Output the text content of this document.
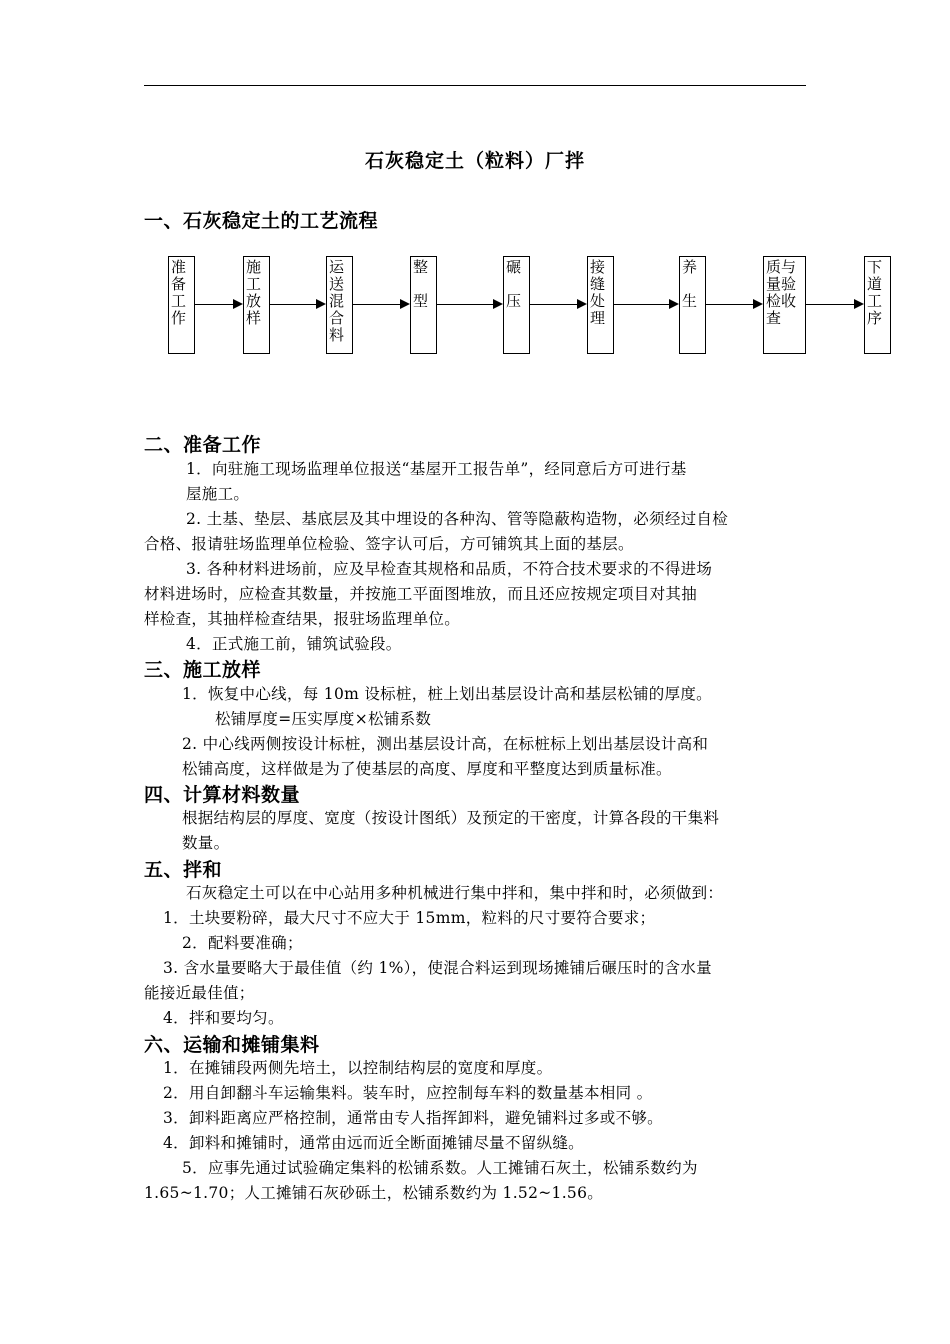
石灰稳定土（粒料）厂拌
一、石灰稳定土的工艺流程
准备工作
施工放样
运送混合料
整

型
碾

压
接缝处理
养

生
质与量验检收查
下道工序
二、准备工作
1．向驻施工现场监理单位报送“基屋开工报告单”，经同意后方可进行基
屋施工。
2. 土基、垫层、基底层及其中埋设的各种沟、管等隐蔽构造物，必须经过自检
合格、报请驻场监理单位检验、签字认可后，方可铺筑其上面的基层。
3. 各种材料进场前，应及早检查其规格和品质，不符合技术要求的不得进场
材料进场时，应检查其数量，并按施工平面图堆放，而且还应按规定项目对其抽
样检查，其抽样检查结果，报驻场监理单位。
4．正式施工前，铺筑试验段。
三、施工放样
1．恢复中心线，每 10m 设标桩，桩上划出基层设计高和基层松铺的厚度。
松铺厚度=压实厚度×松铺系数
2. 中心线两侧按设计标桩，测出基层设计高，在标桩标上划出基层设计高和
松铺高度，这样做是为了使基层的高度、厚度和平整度达到质量标准。
四、计算材料数量
根据结构层的厚度、宽度（按设计图纸）及预定的干密度，计算各段的干集料
数量。
五、拌和
石灰稳定土可以在中心站用多种机械进行集中拌和，集中拌和时，必须做到：
1．土块要粉碎，最大尺寸不应大于 15mm，粒料的尺寸要符合要求；
2．配料要准确；
3. 含水量要略大于最佳值（约 1%），使混合料运到现场摊铺后碾压时的含水量
能接近最佳值；
4．拌和要均匀。
六、运输和摊铺集料
1．在摊铺段两侧先培土，以控制结构层的宽度和厚度。
2．用自卸翻斗车运输集料。装车时，应控制每车料的数量基本相同 。
3．卸料距离应严格控制，通常由专人指挥卸料，避免铺料过多或不够。
4．卸料和摊铺时，通常由远而近全断面摊铺尽量不留纵缝。
5．应事先通过试验确定集料的松铺系数。人工摊铺石灰土，松铺系数约为
1.65~1.70；人工摊铺石灰砂砾土，松铺系数约为 1.52~1.56。
